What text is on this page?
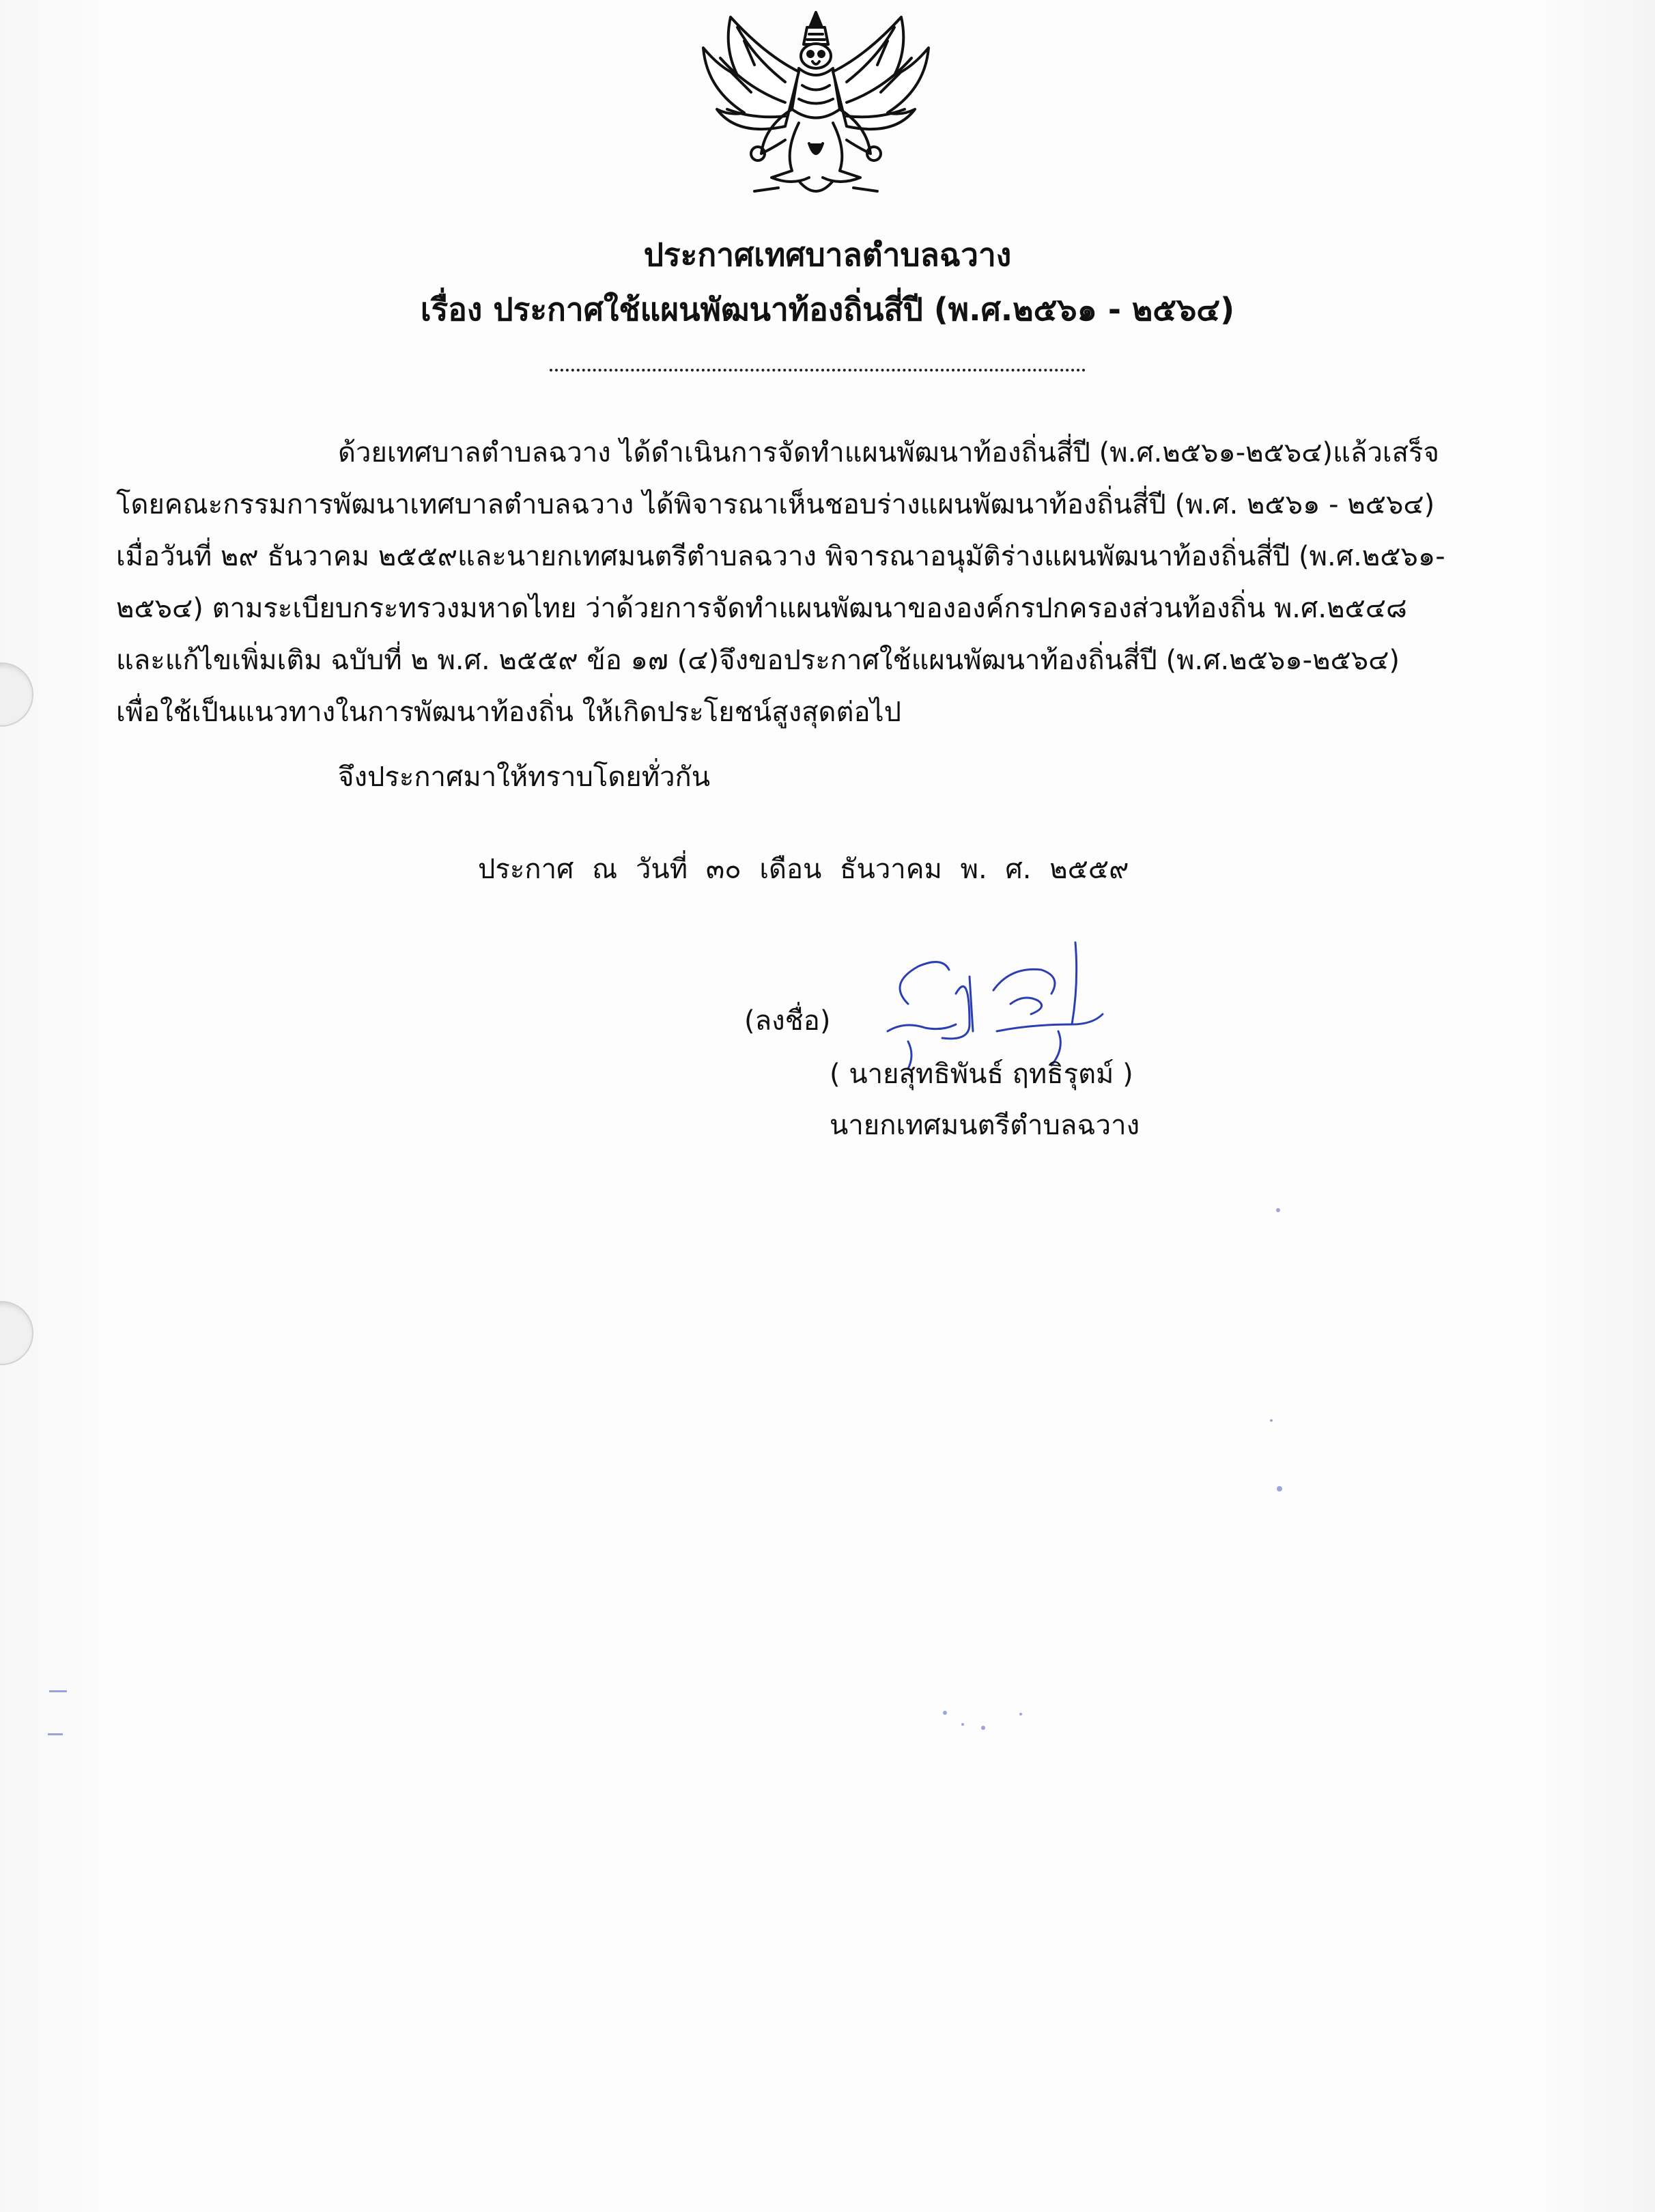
ประกาศเทศบาลตำบลฉวาง
เรื่อง ประกาศใช้แผนพัฒนาท้องถิ่นสี่ปี (พ.ศ.๒๕๖๑ - ๒๕๖๔)
ด้วยเทศบาลตำบลฉวาง ได้ดำเนินการจัดทำแผนพัฒนาท้องถิ่นสี่ปี (พ.ศ.๒๕๖๑-๒๕๖๔)แล้วเสร็จ
โดยคณะกรรมการพัฒนาเทศบาลตำบลฉวาง ได้พิจารณาเห็นชอบร่างแผนพัฒนาท้องถิ่นสี่ปี (พ.ศ. ๒๕๖๑ - ๒๕๖๔)
เมื่อวันที่ ๒๙ ธันวาคม ๒๕๕๙และนายกเทศมนตรีตำบลฉวาง พิจารณาอนุมัติร่างแผนพัฒนาท้องถิ่นสี่ปี (พ.ศ.๒๕๖๑-
๒๕๖๔) ตามระเบียบกระทรวงมหาดไทย ว่าด้วยการจัดทำแผนพัฒนาขององค์กรปกครองส่วนท้องถิ่น พ.ศ.๒๕๔๘
และแก้ไขเพิ่มเติม ฉบับที่ ๒ พ.ศ. ๒๕๕๙ ข้อ ๑๗ (๔)จึงขอประกาศใช้แผนพัฒนาท้องถิ่นสี่ปี (พ.ศ.๒๕๖๑-๒๕๖๔)
เพื่อใช้เป็นแนวทางในการพัฒนาท้องถิ่น ให้เกิดประโยชน์สูงสุดต่อไป
จึงประกาศมาให้ทราบโดยทั่วกัน
ประกาศ ณ วันที่ ๓๐ เดือน ธันวาคม พ. ศ. ๒๕๕๙
(ลงชื่อ)
( นายสุทธิพันธ์ ฤทธิรุตม์ )
นายกเทศมนตรีตำบลฉวาง
